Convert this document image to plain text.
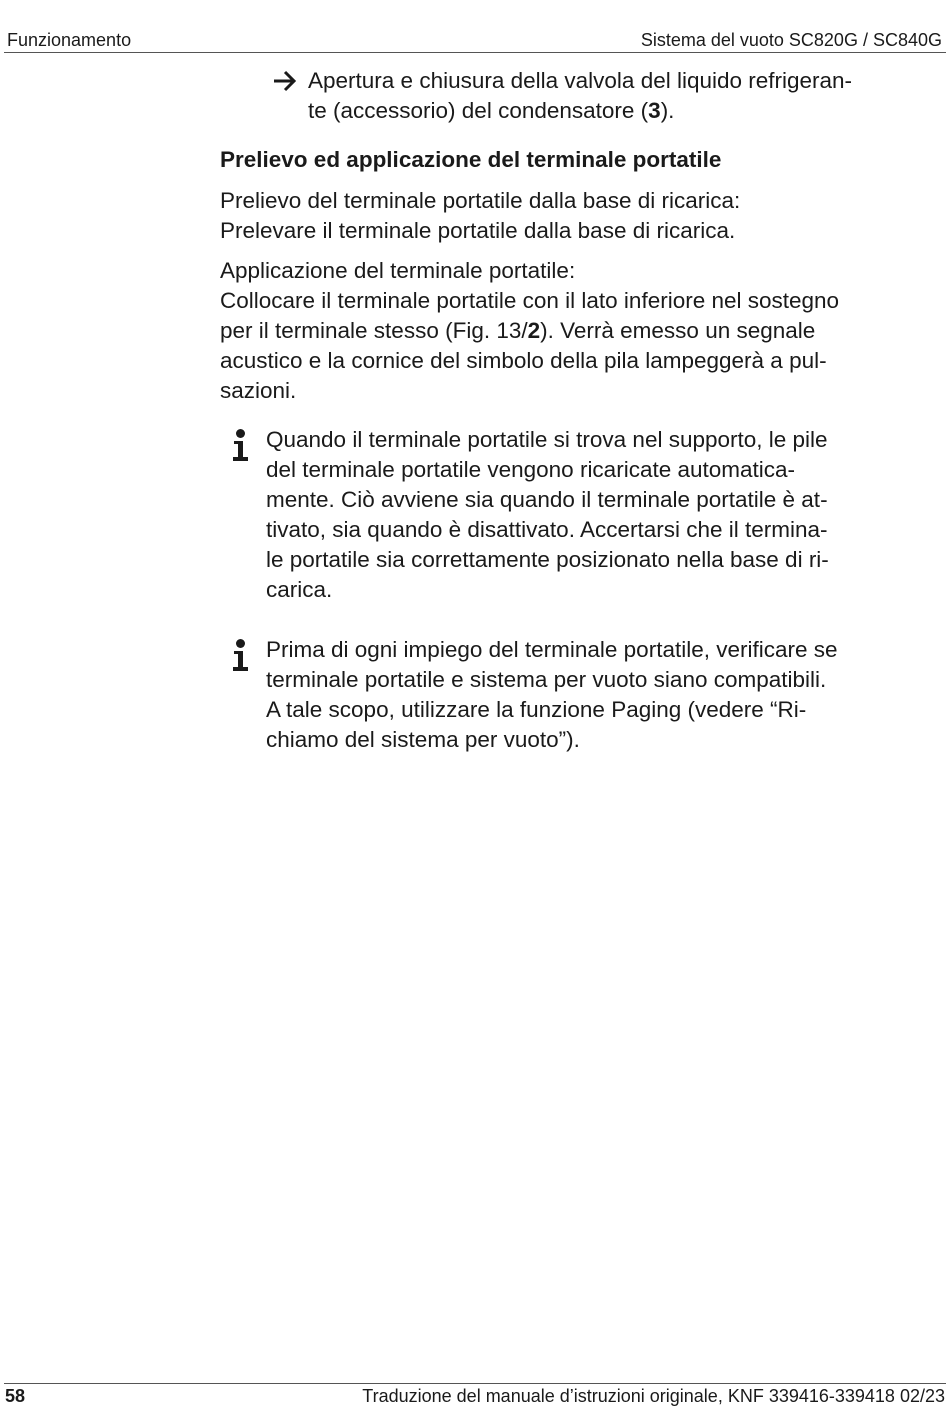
Funzionamento	Sistema del vuoto SC820G / SC840G
Apertura e chiusura della valvola del liquido refrigeran-
te (accessorio) del condensatore (3).
Prelievo ed applicazione del terminale portatile
Prelievo del terminale portatile dalla base di ricarica:
Prelevare il terminale portatile dalla base di ricarica.
Applicazione del terminale portatile:
Collocare il terminale portatile con il lato inferiore nel sostegno
per il terminale stesso (Fig. 13/2). Verrà emesso un segnale
acustico e la cornice del simbolo della pila lampeggerà a pul-
sazioni.
Quando il terminale portatile si trova nel supporto, le pile
del terminale portatile vengono ricaricate automatica-
mente. Ciò avviene sia quando il terminale portatile è at-
tivato, sia quando è disattivato. Accertarsi che il termina-
le portatile sia correttamente posizionato nella base di ri-
carica.
Prima di ogni impiego del terminale portatile, verificare se
terminale portatile e sistema per vuoto siano compatibili.
A tale scopo, utilizzare la funzione Paging (vedere “Ri-
chiamo del sistema per vuoto”).
58	Traduzione del manuale d’istruzioni originale, KNF 339416-339418 02/23
